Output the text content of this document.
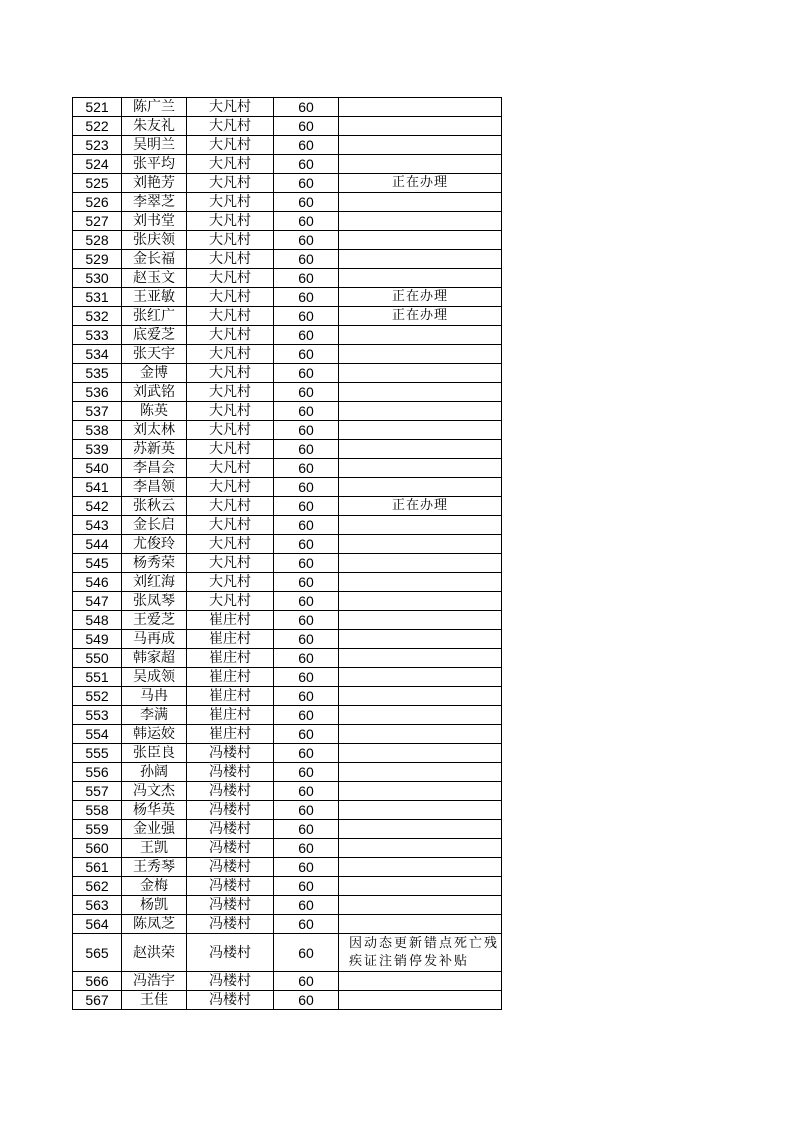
521	陈广兰	大凡村	60	
522	朱友礼	大凡村	60	
523	吴明兰	大凡村	60	
524	张平均	大凡村	60	
525	刘艳芳	大凡村	60	正在办理
526	李翠芝	大凡村	60	
527	刘书堂	大凡村	60	
528	张庆领	大凡村	60	
529	金长福	大凡村	60	
530	赵玉文	大凡村	60	
531	王亚敏	大凡村	60	正在办理
532	张红广	大凡村	60	正在办理
533	底爱芝	大凡村	60	
534	张天宇	大凡村	60	
535	金博	大凡村	60	
536	刘武铭	大凡村	60	
537	陈英	大凡村	60	
538	刘太林	大凡村	60	
539	苏新英	大凡村	60	
540	李昌会	大凡村	60	
541	李昌领	大凡村	60	
542	张秋云	大凡村	60	正在办理
543	金长启	大凡村	60	
544	尤俊玲	大凡村	60	
545	杨秀荣	大凡村	60	
546	刘红海	大凡村	60	
547	张凤琴	大凡村	60	
548	王爱芝	崔庄村	60	
549	马再成	崔庄村	60	
550	韩家超	崔庄村	60	
551	吴成领	崔庄村	60	
552	马冉	崔庄村	60	
553	李满	崔庄村	60	
554	韩运姣	崔庄村	60	
555	张臣良	冯楼村	60	
556	孙阔	冯楼村	60	
557	冯文杰	冯楼村	60	
558	杨华英	冯楼村	60	
559	金业强	冯楼村	60	
560	王凯	冯楼村	60	
561	王秀琴	冯楼村	60	
562	金梅	冯楼村	60	
563	杨凯	冯楼村	60	
564	陈凤芝	冯楼村	60	
565	赵洪荣	冯楼村	60	因动态更新错点死亡残疾证注销停发补贴
566	冯浩宇	冯楼村	60	
567	王佳	冯楼村	60	
